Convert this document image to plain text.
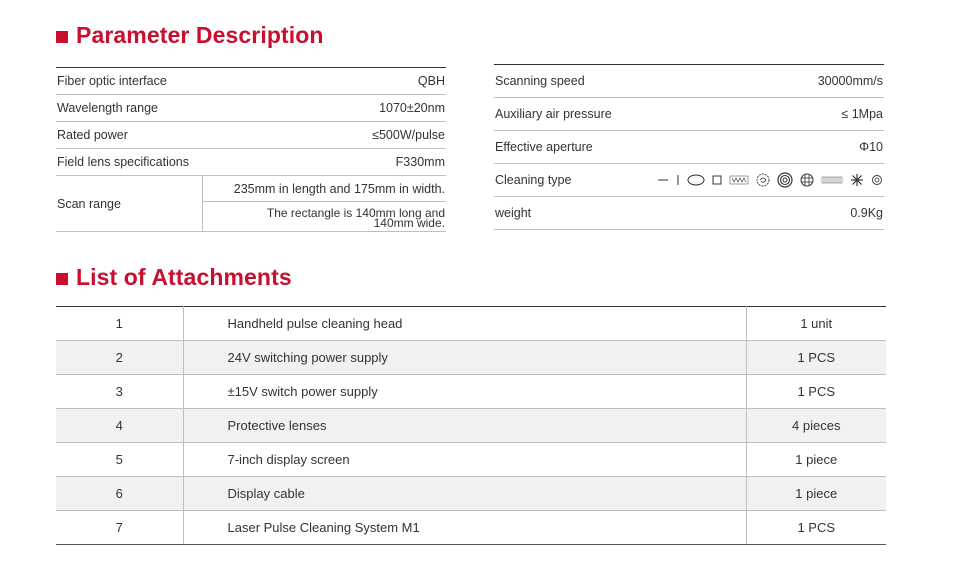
Parameter Description
Fiber optic interface	QBH
Wavelength range	1070±20nm
Rated power	≤500W/pulse
Field lens specifications	F330mm
Scan range	235mm in length and 175mm in width.
	The rectangle is 140mm long and
140mm wide.
Scanning speed	30000mm/s
Auxiliary air pressure	≤ 1Mpa
Effective aperture	Φ10
Cleaning type	

weight	0.9Kg
List of Attachments
1	Handheld pulse cleaning head	1 unit
2	24V switching power supply	1 PCS
3	±15V switch power supply	1 PCS
4	Protective lenses	4 pieces
5	7-inch display screen	1 piece
6	Display cable	1 piece
7	Laser Pulse Cleaning System M1	1 PCS
